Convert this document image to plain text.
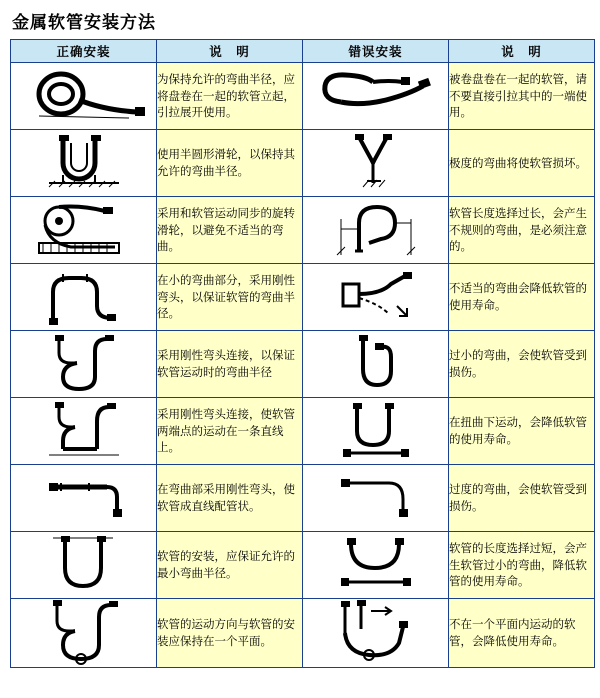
金属软管安装方法
正确安装	说　明	错误安装	说　明

	为保持允许的弯曲半径，应将盘卷在一起的软管立起，引拉展开使用。		被卷盘卷在一起的软管，请不要直接引拉其中的一端使用。

	使用半圆形滑轮，以保持其允许的弯曲半径。		极度的弯曲将使软管损坏。

	采用和软管运动同步的旋转滑轮，以避免不适当的弯曲。		软管长度选择过长，会产生不规则的弯曲，是必须注意的。

	在小的弯曲部分，采用刚性弯头，以保证软管的弯曲半径。		不适当的弯曲会降低软管的使用寿命。

	采用刚性弯头连接，以保证软管运动时的弯曲半径		过小的弯曲，会使软管受到损伤。

	采用刚性弯头连接，使软管两端点的运动在一条直线上。		在扭曲下运动，会降低软管的使用寿命。

	在弯曲部采用刚性弯头，使软管成直线配管状。		过度的弯曲，会使软管受到损伤。

	软管的安装，应保证允许的最小弯曲半径。		软管的长度选择过短，会产生软管过小的弯曲，降低软管的使用寿命。

	软管的运动方向与软管的安装应保持在一个平面。		不在一个平面内运动的软管，会降低使用寿命。
